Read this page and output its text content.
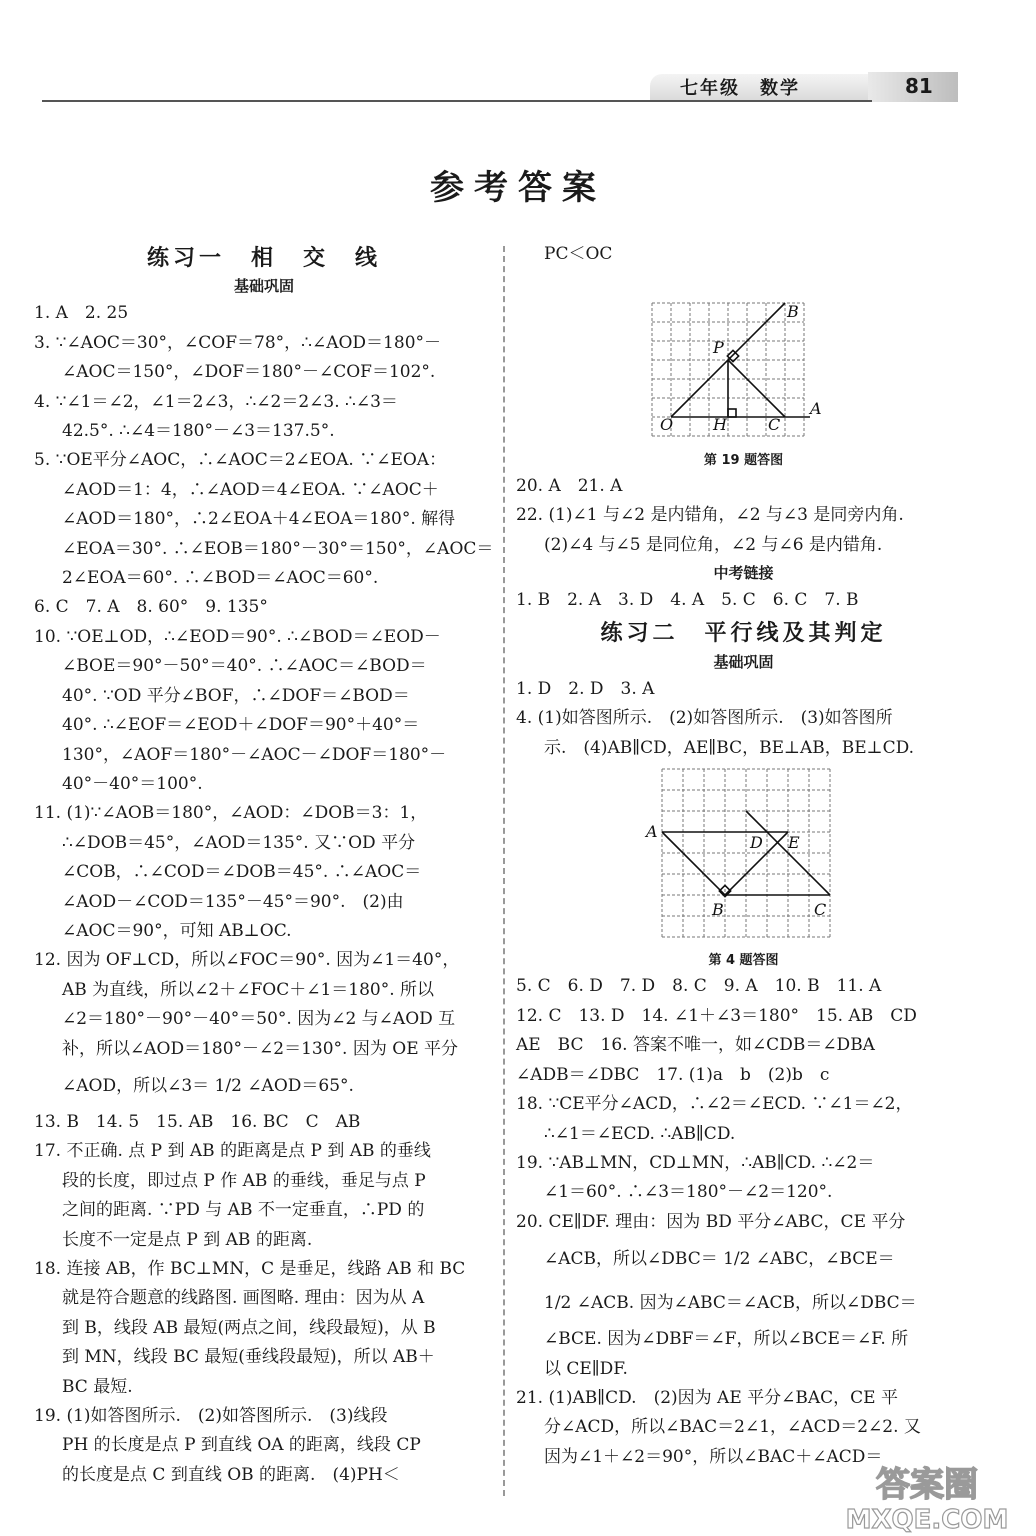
七年级　数学	81
参考答案
练习一　相　交　线
基础巩固
1. A　2. 25
3. ∵∠AOC＝30°，∠COF＝78°，∴∠AOD＝180°－
∠AOC＝150°，∠DOF＝180°－∠COF＝102°.
4. ∵∠1＝∠2，∠1＝2∠3，∴∠2＝2∠3. ∴∠3＝
42.5°. ∴∠4＝180°－∠3＝137.5°.
5. ∵OE平分∠AOC，∴∠AOC＝2∠EOA. ∵∠EOA：
∠AOD＝1：4，∴∠AOD＝4∠EOA. ∵∠AOC＋
∠AOD＝180°，∴2∠EOA＋4∠EOA＝180°. 解得
∠EOA＝30°. ∴∠EOB＝180°－30°＝150°，∠AOC＝
2∠EOA＝60°. ∴∠BOD＝∠AOC＝60°.
6. C　7. A　8. 60°　9. 135°
10. ∵OE⊥OD，∴∠EOD＝90°. ∴∠BOD＝∠EOD－
∠BOE＝90°－50°＝40°. ∴∠AOC＝∠BOD＝
40°. ∵OD 平分∠BOF，∴∠DOF＝∠BOD＝
40°. ∴∠EOF＝∠EOD＋∠DOF＝90°＋40°＝
130°，∠AOF＝180°－∠AOC－∠DOF＝180°－
40°－40°＝100°.
11. (1)∵∠AOB＝180°，∠AOD：∠DOB＝3：1，
∴∠DOB＝45°，∠AOD＝135°. 又∵OD 平分
∠COB，∴∠COD＝∠DOB＝45°. ∴∠AOC＝
∠AOD－∠COD＝135°－45°＝90°.　(2)由
∠AOC＝90°，可知 AB⊥OC.
12. 因为 OF⊥CD，所以∠FOC＝90°. 因为∠1＝40°，
AB 为直线，所以∠2＋∠FOC＋∠1＝180°. 所以
∠2＝180°－90°－40°＝50°. 因为∠2 与∠AOD 互
补，所以∠AOD＝180°－∠2＝130°. 因为 OE 平分
∠AOD，所以∠3＝ 1/2 ∠AOD＝65°.
13. B　14. 5　15. AB　16. BC　C　AB
17. 不正确. 点 P 到 AB 的距离是点 P 到 AB 的垂线
段的长度，即过点 P 作 AB 的垂线，垂足与点 P
之间的距离. ∵PD 与 AB 不一定垂直，∴PD 的
长度不一定是点 P 到 AB 的距离.
18. 连接 AB，作 BC⊥MN，C 是垂足，线路 AB 和 BC
就是符合题意的线路图. 画图略. 理由：因为从 A
到 B，线段 AB 最短(两点之间，线段最短)，从 B
到 MN，线段 BC 最短(垂线段最短)，所以 AB＋
BC 最短.
19. (1)如答图所示.　(2)如答图所示.　(3)线段
PH 的长度是点 P 到直线 OA 的距离，线段 CP
的长度是点 C 到直线 OB 的距离.　(4)PH＜
PC＜OC
B
P
O H	C
A
第 19 题答图
20. A　21. A
22. (1)∠1 与∠2 是内错角，∠2 与∠3 是同旁内角.
(2)∠4 与∠5 是同位角，∠2 与∠6 是内错角.
中考链接
1. B　2. A　3. D　4. A　5. C　6. C　7. B
练习二　平行线及其判定
基础巩固
1. D　2. D　3. A
4. (1)如答图所示.　(2)如答图所示.　(3)如答图所
示.　(4)AB∥CD，AE∥BC，BE⊥AB，BE⊥CD.
A
D E
B	C
第 4 题答图
5. C　6. D　7. D　8. C　9. A　10. B　11. A
12. C　13. D　14. ∠1＋∠3＝180°　15. AB　CD
AE　BC　16. 答案不唯一，如∠CDB＝∠DBA
∠ADB＝∠DBC　17. (1)a　b　(2)b　c
18. ∵CE平分∠ACD，∴∠2＝∠ECD. ∵∠1＝∠2，
∴∠1＝∠ECD. ∴AB∥CD.
19. ∵AB⊥MN，CD⊥MN，∴AB∥CD. ∴∠2＝
∠1＝60°. ∴∠3＝180°－∠2＝120°.
20. CE∥DF. 理由：因为 BD 平分∠ABC，CE 平分
∠ACB，所以∠DBC＝ 1/2 ∠ABC，∠BCE＝
1/2 ∠ACB. 因为∠ABC＝∠ACB，所以∠DBC＝
∠BCE. 因为∠DBF＝∠F，所以∠BCE＝∠F. 所
以 CE∥DF.
21. (1)AB∥CD.　(2)因为 AE 平分∠BAC，CE 平
分∠ACD，所以∠BAC＝2∠1，∠ACD＝2∠2. 又
因为∠1＋∠2＝90°，所以∠BAC＋∠ACD＝
答案圈
MXQE.COM
